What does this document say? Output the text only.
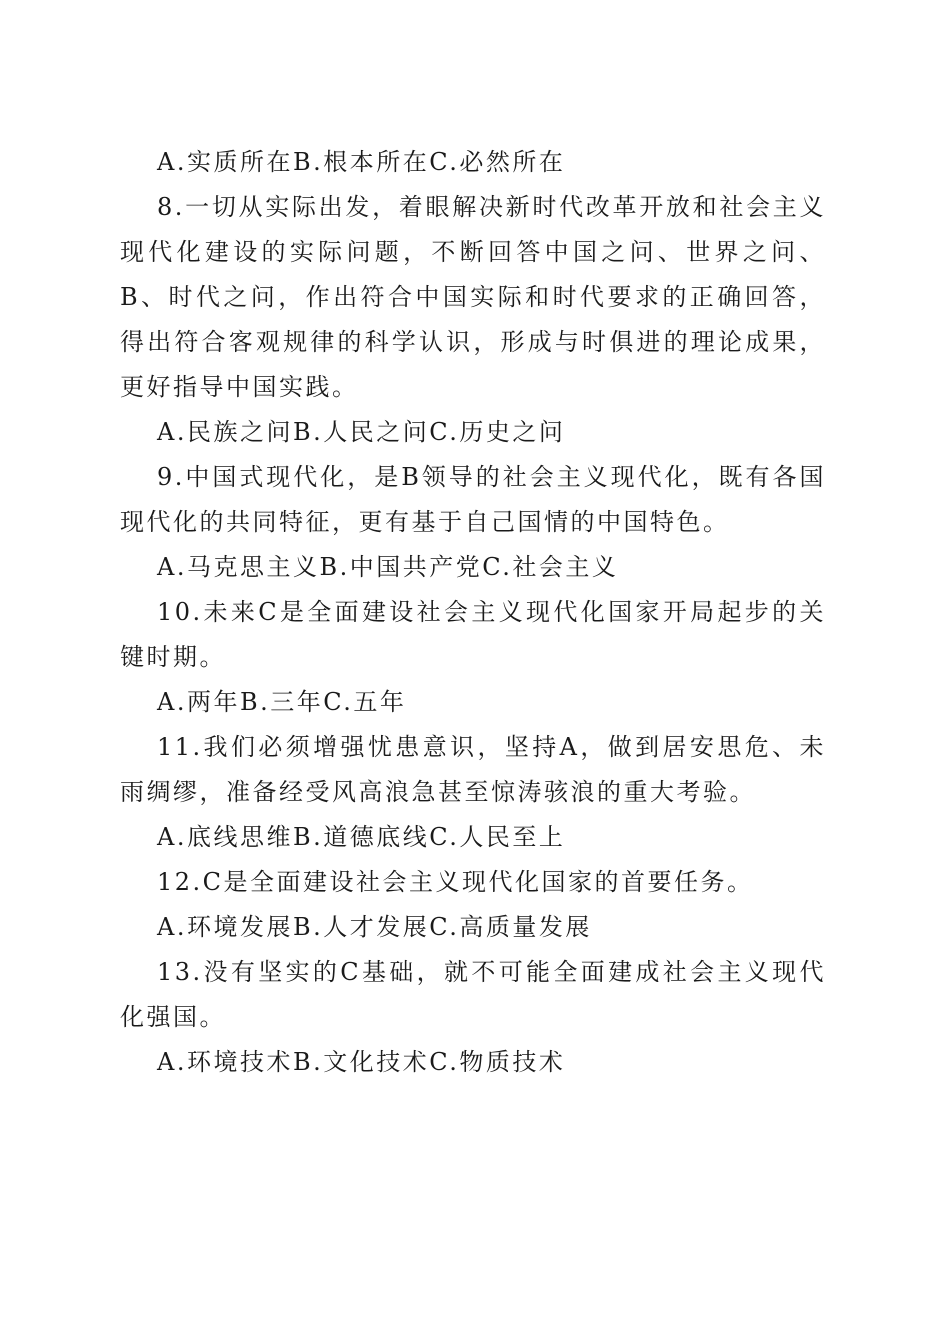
A.实质所在B.根本所在C.必然所在

8.一切从实际出发，着眼解决新时代改革开放和社会主义现代化建设的实际问题，不断回答中国之问、世界之问、B、时代之问，作出符合中国实际和时代要求的正确回答，得出符合客观规律的科学认识，形成与时俱进的理论成果，更好指导中国实践。

A.民族之问B.人民之问C.历史之问

9.中国式现代化，是B领导的社会主义现代化，既有各国现代化的共同特征，更有基于自己国情的中国特色。

A.马克思主义B.中国共产党C.社会主义

10.未来C是全面建设社会主义现代化国家开局起步的关键时期。

A.两年B.三年C.五年

11.我们必须增强忧患意识，坚持A，做到居安思危、未雨绸缪，准备经受风高浪急甚至惊涛骇浪的重大考验。

A.底线思维B.道德底线C.人民至上

12.C是全面建设社会主义现代化国家的首要任务。

A.环境发展B.人才发展C.高质量发展

13.没有坚实的C基础，就不可能全面建成社会主义现代化强国。

A.环境技术B.文化技术C.物质技术
